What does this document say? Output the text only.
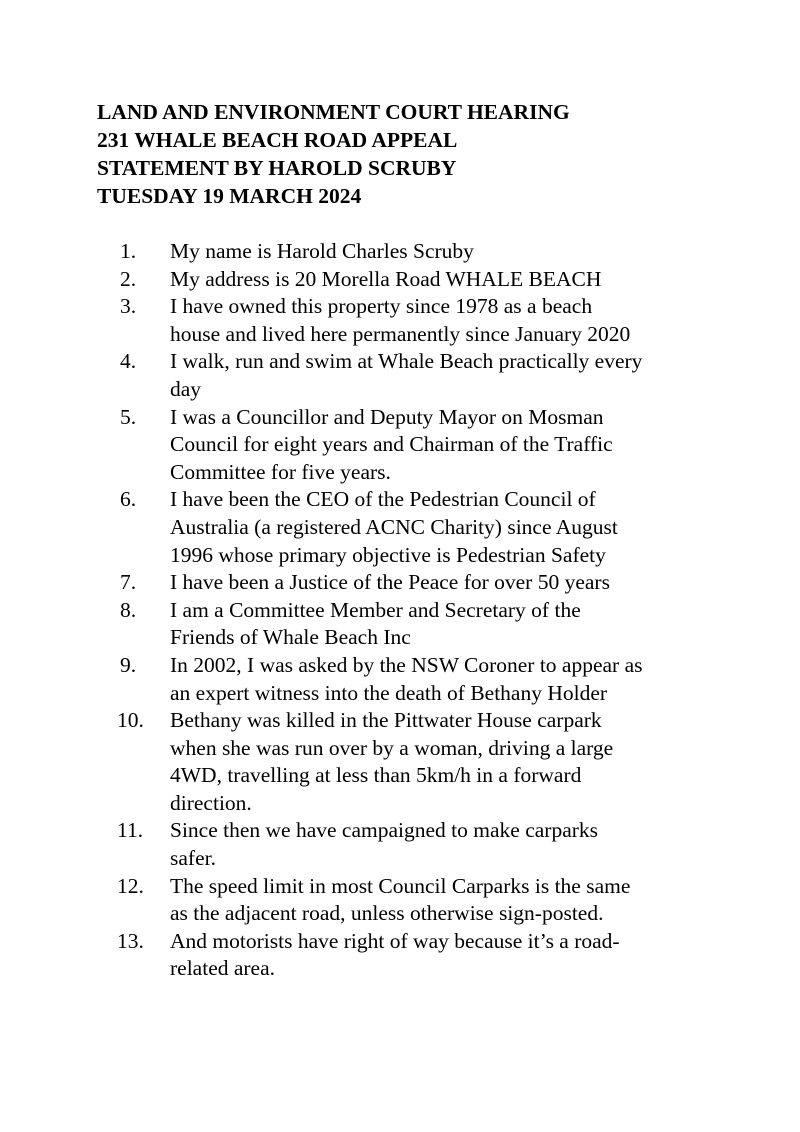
LAND AND ENVIRONMENT COURT HEARING

231 WHALE BEACH ROAD APPEAL

STATEMENT BY HAROLD SCRUBY

TUESDAY 19 MARCH 2024

1.	My name is Harold Charles Scruby
2.	My address is 20 Morella Road WHALE BEACH
3.	I have owned this property since 1978 as a beach
house and lived here permanently since January 2020
4.	I walk, run and swim at Whale Beach practically every
day
5.	I was a Councillor and Deputy Mayor on Mosman
Council for eight years and Chairman of the Traffic
Committee for five years.
6.	I have been the CEO of the Pedestrian Council of
Australia (a registered ACNC Charity) since August
1996 whose primary objective is Pedestrian Safety
7.	I have been a Justice of the Peace for over 50 years
8.	I am a Committee Member and Secretary of the
Friends of Whale Beach Inc
9.	In 2002, I was asked by the NSW Coroner to appear as
an expert witness into the death of Bethany Holder
10.	Bethany was killed in the Pittwater House carpark
when she was run over by a woman, driving a large
4WD, travelling at less than 5km/h in a forward
direction.
11.	Since then we have campaigned to make carparks
safer.
12.	The speed limit in most Council Carparks is the same
as the adjacent road, unless otherwise sign-posted.
13.	And motorists have right of way because it’s a road-
related area.
